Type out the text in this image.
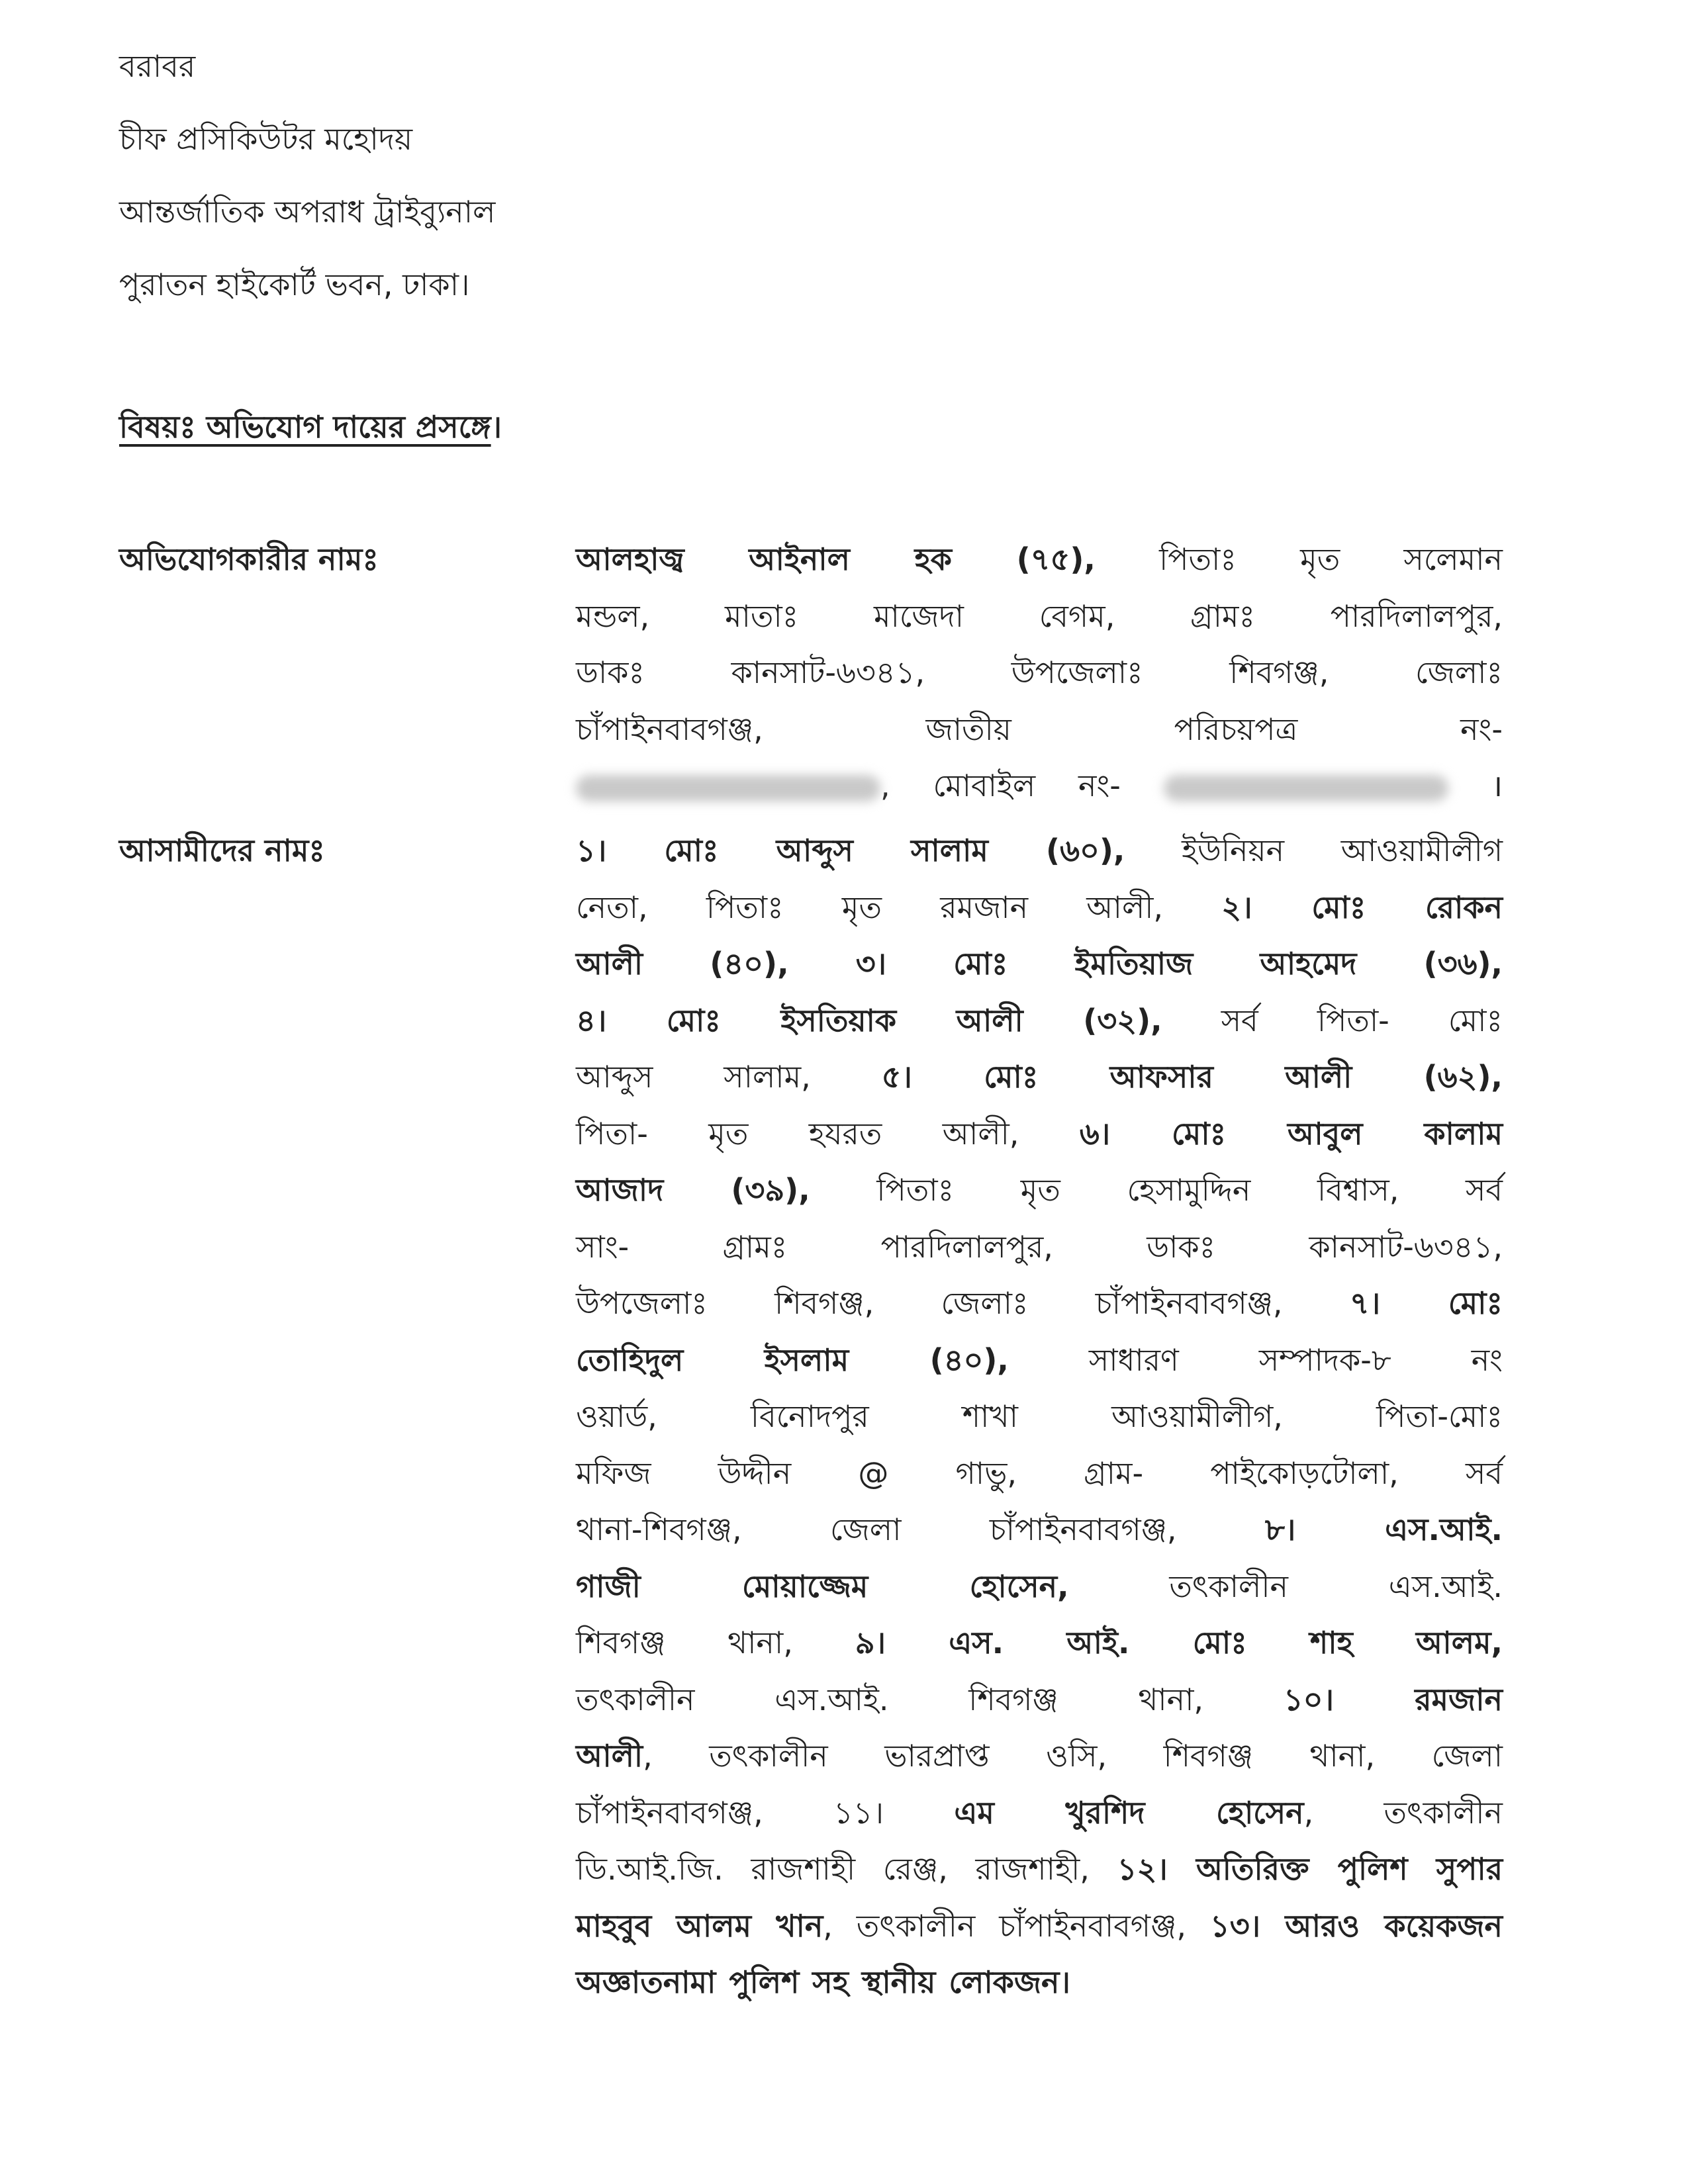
বরাবর
চীফ প্রসিকিউটর মহোদয়
আন্তর্জাতিক অপরাধ ট্রাইব্যুনাল
পুরাতন হাইকোর্ট ভবন, ঢাকা।
বিষয়ঃ অভিযোগ দায়ের প্রসঙ্গে।
অভিযোগকারীর নামঃ	আলহাজ্ব আইনাল হক (৭৫), পিতাঃ মৃত সলেমান
মন্ডল, মাতাঃ মাজেদা বেগম, গ্রামঃ পারদিলালপুর,
ডাকঃ কানসাট-৬৩৪১, উপজেলাঃ শিবগঞ্জ, জেলাঃ
চাঁপাইনবাবগঞ্জ, জাতীয় পরিচয়পত্র নং-
, মোবাইল নং-	।
আসামীদের নামঃ	১। মোঃ আব্দুস সালাম (৬০), ইউনিয়ন আওয়ামীলীগ
নেতা, পিতাঃ মৃত রমজান আলী, ২। মোঃ রোকন
আলী (৪০), ৩। মোঃ ইমতিয়াজ আহমেদ (৩৬),
৪। মোঃ ইসতিয়াক আলী (৩২), সর্ব পিতা- মোঃ
আব্দুস সালাম, ৫। মোঃ আফসার আলী (৬২),
পিতা- মৃত হযরত আলী, ৬। মোঃ আবুল কালাম
আজাদ (৩৯), পিতাঃ মৃত হেসামুদ্দিন বিশ্বাস, সর্ব
সাং- গ্রামঃ পারদিলালপুর, ডাকঃ কানসাট-৬৩৪১,
উপজেলাঃ শিবগঞ্জ, জেলাঃ চাঁপাইনবাবগঞ্জ, ৭। মোঃ
তোহিদুল ইসলাম (৪০), সাধারণ সম্পাদক-৮ নং
ওয়ার্ড, বিনোদপুর শাখা আওয়ামীলীগ, পিতা-মোঃ
মফিজ উদ্দীন @ গাভু, গ্রাম- পাইকোড়টোলা, সর্ব
থানা-শিবগঞ্জ, জেলা চাঁপাইনবাবগঞ্জ, ৮। এস.আই.
গাজী মোয়াজ্জেম হোসেন, তৎকালীন এস.আই.
শিবগঞ্জ থানা, ৯। এস. আই. মোঃ শাহ আলম,
তৎকালীন এস.আই. শিবগঞ্জ থানা, ১০। রমজান
আলী, তৎকালীন ভারপ্রাপ্ত ওসি, শিবগঞ্জ থানা, জেলা
চাঁপাইনবাবগঞ্জ, ১১। এম খুরশিদ হোসেন, তৎকালীন
ডি.আই.জি. রাজশাহী রেঞ্জ, রাজশাহী, ১২। অতিরিক্ত পুলিশ সুপার
মাহবুব আলম খান, তৎকালীন চাঁপাইনবাবগঞ্জ, ১৩। আরও কয়েকজন
অজ্ঞাতনামা পুলিশ সহ স্থানীয় লোকজন।
